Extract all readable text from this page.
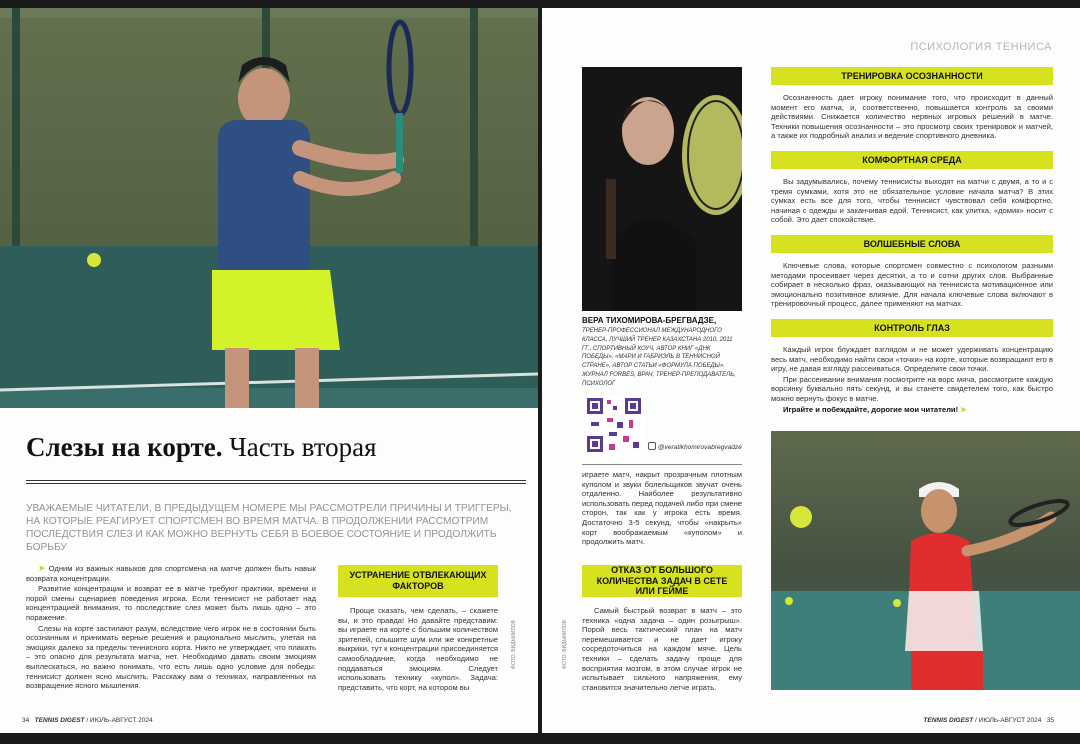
Слезы на корте. Часть вторая
УВАЖАЕМЫЕ ЧИТАТЕЛИ, В ПРЕДЫДУЩЕМ НОМЕРЕ МЫ РАССМОТРЕЛИ ПРИЧИНЫ И ТРИГГЕРЫ, НА КОТОРЫЕ РЕАГИРУЕТ СПОРТСМЕН ВО ВРЕМЯ МАТЧА. В ПРОДОЛЖЕНИИ РАССМОТРИМ ПОСЛЕДСТВИЯ СЛЕЗ И КАК МОЖНО ВЕРНУТЬ СЕБЯ В БОЕВОЕ СОСТОЯНИЕ И ПРОДОЛЖИТЬ БОРЬБУ

➤ Одним из важных навыков для спортсмена на матче должен быть навык возврата концентрации.

Развитие концентрации и возврат ее в матче требуют практики, времени и порой смены сценариев поведения игрока. Если теннисист не работает над концентрацией внимания, то последствие слез может быть лишь одно – это поражение.

Слезы на корте застилают разум, вследствие чего игрок не в состоянии быть осознанным и принимать верные решения и рационально мыслить, улетая на эмоциях далеко за пределы теннисного корта. Никто не утверждает, что плакать – это опасно для результата матча, нет. Необходимо давать своим эмоциям выплескаться, но важно понимать, что есть лишь одно условие для победы: теннисист должен ясно мыслить. Расскажу вам о техниках, направленных на возвращение ясного мышления.

УСТРАНЕНИЕ ОТВЛЕКАЮЩИХ ФАКТОРОВ

Проще сказать, чем сделать, – скажете вы, и это правда! Но давайте представим: вы играете на корте с большим количеством зрителей, слышите шум или же конкретные выкрики, тут к концентрации присоединяется самообладание, когда необходимо не поддаваться эмоциям. Следует использовать технику «купол». Задача: представить, что корт, на котором вы

ФОТО: ВИДЬМИЛОВ
34 TENNIS DIGEST / ИЮЛЬ-АВГУСТ 2024
ПСИХОЛОГИЯ ТЕННИСА
ВЕРА ТИХОМИРОВА-БРЕГВАДЗЕ,
ТРЕНЕР-ПРОФЕССИОНАЛ МЕЖДУНАРОДНОГО КЛАССА, ЛУЧШИЙ ТРЕНЕР КАЗАХСТАНА 2010, 2011 ГГ., СПОРТИВНЫЙ КОУЧ, АВТОР КНИГ «ДНК ПОБЕДЫ», «МАРИ И ГАБРИЭЛЬ В ТЕННИСНОЙ СТРАНЕ», АВТОР СТАТЬИ «ФОРМУЛА ПОБЕДЫ». ЖУРНАЛ FORBES, ВРАЧ, ТРЕНЕР-ПРЕПОДАВАТЕЛЬ, ПСИХОЛОГ
@veratikhomirovabregvadze

играете матч, накрыт прозрачным плотным куполом и звуки болельщиков звучат очень отдаленно. Наиболее результативно использовать перед подачей либо при смене сторон, так как у игрока есть время. Достаточно 3-5 секунд, чтобы «накрыть» корт воображаемым «куполом» и продолжить матч.

ОТКАЗ ОТ БОЛЬШОГО КОЛИЧЕСТВА ЗАДАЧ В СЕТЕ ИЛИ ГЕЙМЕ

Самый быстрый возврат в матч – это техника «одна задача – один розыгрыш». Порой весь тактический план на матч перемешивается и не дает игроку сосредоточиться на каждом мяче. Цель техники – сделать задачу проще для восприятия мозгом, в этом случае игрок не испытывает сильного напряжения, ему становится значительно легче играть.

ФОТО: ВИДЬМИЛОВ
ТРЕНИРОВКА ОСОЗНАННОСТИ

Осознанность дает игроку понимание того, что происходит в данный момент его матча, и, соответственно, повышается контроль за своими действиями. Снижается количество нервных игровых решений в матче. Техники повышения осознанности – это просмотр своих тренировок и матчей, а также их подробный анализ и ведение спортивного дневника.

КОМФОРТНАЯ СРЕДА

Вы задумывались, почему теннисисты выходят на матчи с двумя, а то и с тремя сумками, хотя это не обязательное условие начала матча? В этих сумках есть все для того, чтобы теннисист чувствовал себя комфортно, начиная с одежды и заканчивая едой. Теннисист, как улитка, «домик» носит с собой. Это дает спокойствие.

ВОЛШЕБНЫЕ СЛОВА

Ключевые слова, которые спортсмен совместно с психологом разными методами просеивает через десятки, а то и сотни других слов. Выбранные собирает в несколько фраз, оказывающих на теннисиста мотивационное или эмоционально позитивное влияние. Для начала ключевые слова включают в тренировочный процесс, далее применяют на матчах.

КОНТРОЛЬ ГЛАЗ

Каждый игрок блуждает взглядом и не может удерживать концентрацию весь матч, необходимо найти свои «точки» на корте, которые возвращают его в игру, не давая взгляду рассеиваться. Определите свои точки.

При рассеивании внимания посмотрите на ворс мяча, рассмотрите каждую ворсинку буквально пять секунд, и вы станете свидетелем того, как быстро можно вернуть фокус в матче.

Играйте и побеждайте, дорогие мои читатели! ➤

TENNIS DIGEST / ИЮЛЬ-АВГУСТ 2024 35
